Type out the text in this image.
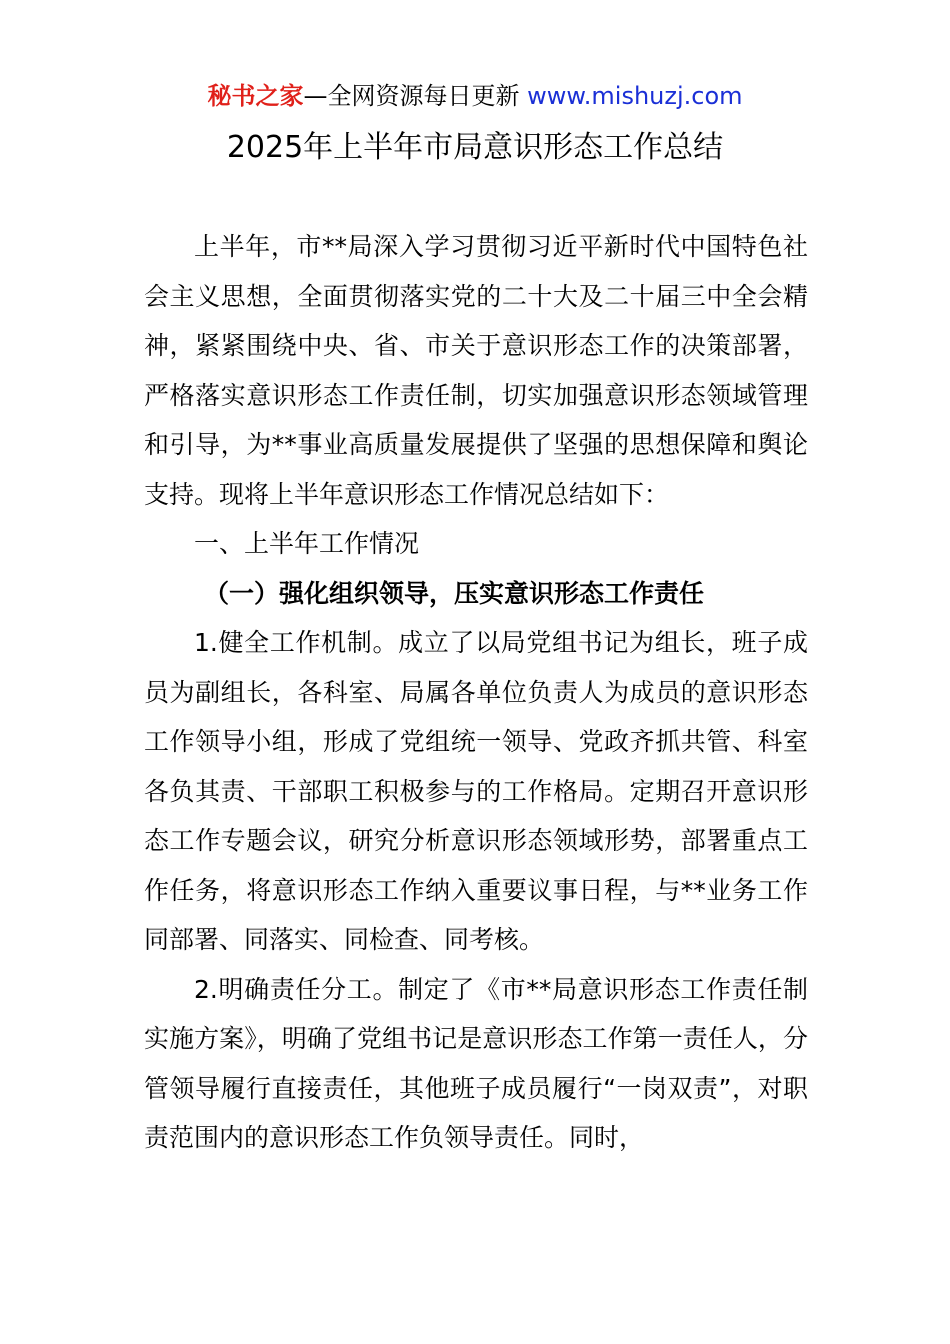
秘书之家—全网资源每日更新 www.mishuzj.com
2025年上半年市局意识形态工作总结

上半年，市**局深入学习贯彻习近平新时代中国特色社会主义思想，全面贯彻落实党的二十大及二十届三中全会精神，紧紧围绕中央、省、市关于意识形态工作的决策部署，严格落实意识形态工作责任制，切实加强意识形态领域管理和引导，为**事业高质量发展提供了坚强的思想保障和舆论支持。现将上半年意识形态工作情况总结如下：

一、上半年工作情况

（一）强化组织领导，压实意识形态工作责任

1.健全工作机制。成立了以局党组书记为组长，班子成员为副组长，各科室、局属各单位负责人为成员的意识形态工作领导小组，形成了党组统一领导、党政齐抓共管、科室各负其责、干部职工积极参与的工作格局。定期召开意识形态工作专题会议，研究分析意识形态领域形势，部署重点工作任务，将意识形态工作纳入重要议事日程，与**业务工作同部署、同落实、同检查、同考核。

2.明确责任分工。制定了《市**局意识形态工作责任制实施方案》，明确了党组书记是意识形态工作第一责任人，分管领导履行直接责任，其他班子成员履行“一岗双责”，对职责范围内的意识形态工作负领导责任。同时，
